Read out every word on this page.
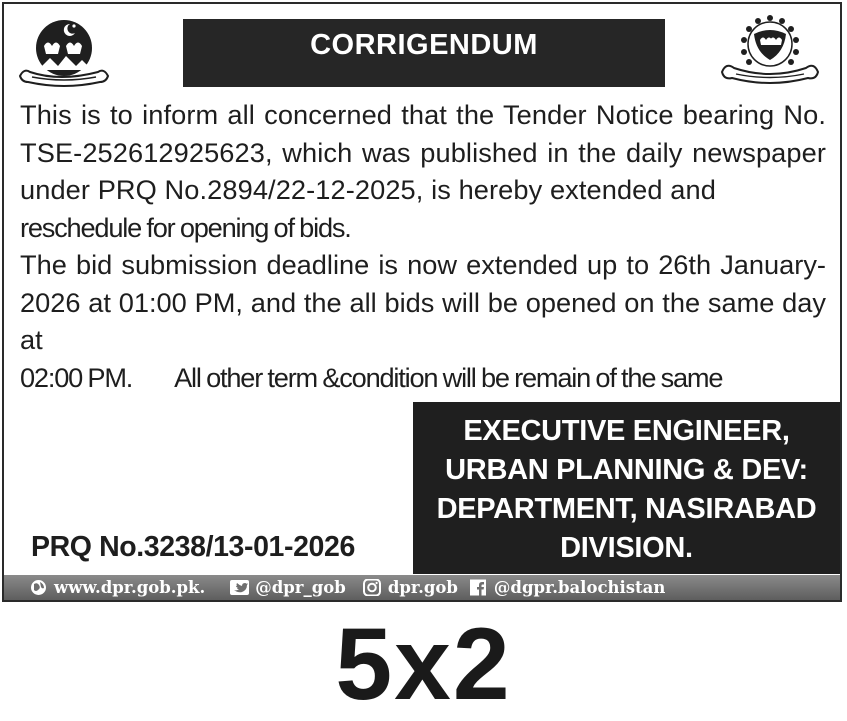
CORRIGENDUM

This is to inform all concerned that the Tender Notice bearing No. TSE-252612925623, which was published in the daily newspaper under PRQ No.2894/22-12-2025, is hereby extended and

reschedule for opening of bids.

The bid submission deadline is now extended up to 26th January-2026 at 01:00 PM, and the all bids will be opened on the same day at

02:00 PM. All other term &condition will be remain of the same

EXECUTIVE ENGINEER,
URBAN PLANNING & DEV:
DEPARTMENT, NASIRABAD
DIVISION.
PRQ No.3238/13-01-2026
www.dpr.gob.pk.	@dpr_gob	dpr.gob @dgpr.balochistan
5x2
